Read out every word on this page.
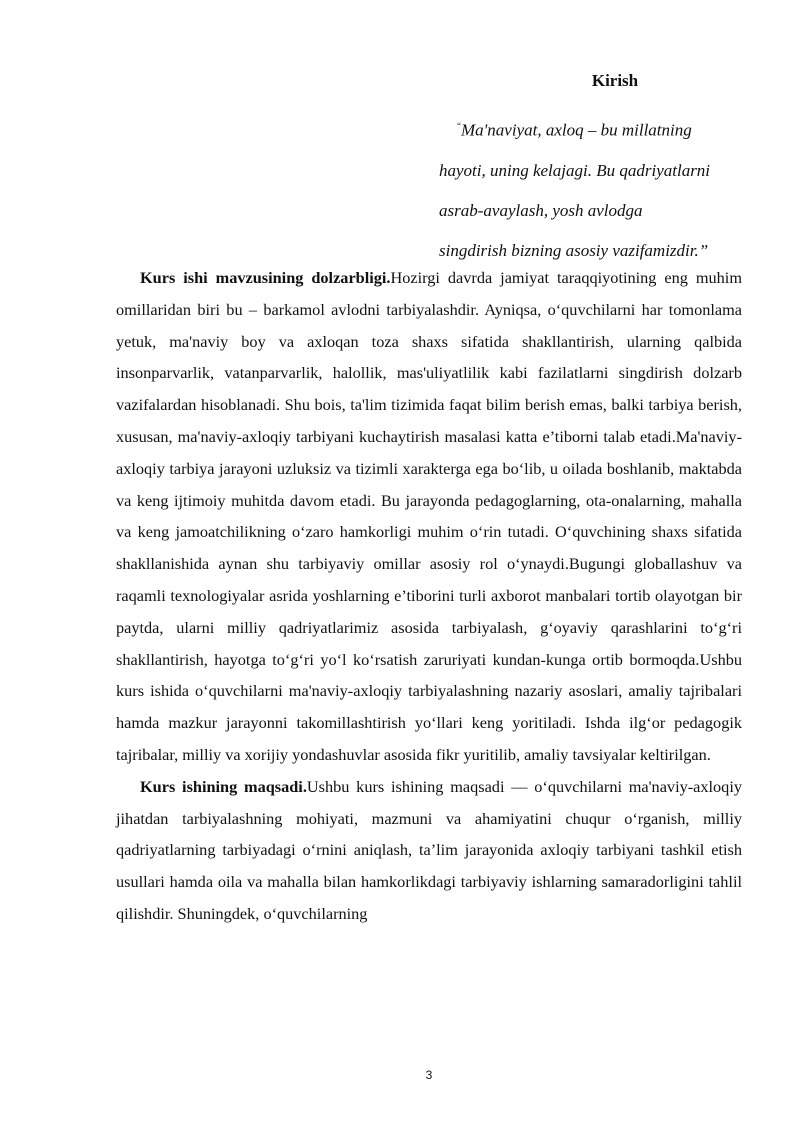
Kirish
“Ma'naviyat, axloq – bu millatning
hayoti, uning kelajagi. Bu qadriyatlarni
asrab-avaylash, yosh avlodga
singdirish bizning asosiy vazifamizdir.”

Kurs ishi mavzusining dolzarbligi.Hozirgi davrda jamiyat taraqqiyotining eng muhim omillaridan biri bu – barkamol avlodni tarbiyalashdir. Ayniqsa, o‘quvchilarni har tomonlama yetuk, ma'naviy boy va axloqan toza shaxs sifatida shakllantirish, ularning qalbida insonparvarlik, vatanparvarlik, halollik, mas'uliyatlilik kabi fazilatlarni singdirish dolzarb vazifalardan hisoblanadi. Shu bois, ta'lim tizimida faqat bilim berish emas, balki tarbiya berish, xususan, ma'naviy-axloqiy tarbiyani kuchaytirish masalasi katta e’tiborni talab etadi.Ma'naviy-axloqiy tarbiya jarayoni uzluksiz va tizimli xarakterga ega bo‘lib, u oilada boshlanib, maktabda va keng ijtimoiy muhitda davom etadi. Bu jarayonda pedagoglarning, ota-onalarning, mahalla va keng jamoatchilikning o‘zaro hamkorligi muhim o‘rin tutadi. O‘quvchining shaxs sifatida shakllanishida aynan shu tarbiyaviy omillar asosiy rol o‘ynaydi.Bugungi globallashuv va raqamli texnologiyalar asrida yoshlarning e’tiborini turli axborot manbalari tortib olayotgan bir paytda, ularni milliy qadriyatlarimiz asosida tarbiyalash, g‘oyaviy qarashlarini to‘g‘ri shakllantirish, hayotga to‘g‘ri yo‘l ko‘rsatish zaruriyati kundan-kunga ortib bormoqda.Ushbu kurs ishida o‘quvchilarni ma'naviy-axloqiy tarbiyalashning nazariy asoslari, amaliy tajribalari hamda mazkur jarayonni takomillashtirish yo‘llari keng yoritiladi. Ishda ilg‘or pedagogik tajribalar, milliy va xorijiy yondashuvlar asosida fikr yuritilib, amaliy tavsiyalar keltirilgan.

Kurs ishining maqsadi.Ushbu kurs ishining maqsadi — o‘quvchilarni ma'naviy-axloqiy jihatdan tarbiyalashning mohiyati, mazmuni va ahamiyatini chuqur o‘rganish, milliy qadriyatlarning tarbiyadagi o‘rnini aniqlash, ta’lim jarayonida axloqiy tarbiyani tashkil etish usullari hamda oila va mahalla bilan hamkorlikdagi tarbiyaviy ishlarning samaradorligini tahlil qilishdir. Shuningdek, o‘quvchilarning

3
